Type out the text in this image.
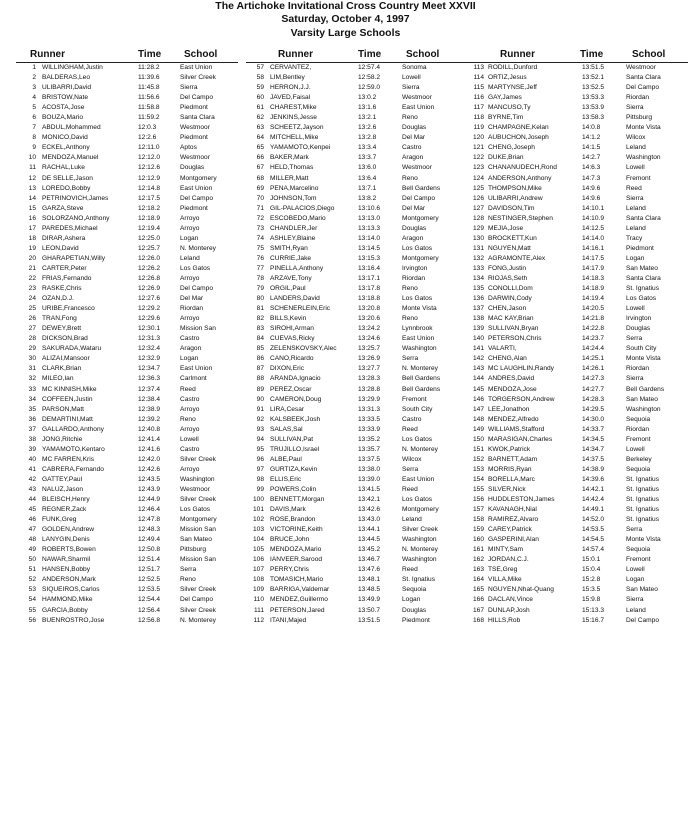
The Artichoke Invitational Cross Country Meet XXVII
Saturday, October 4, 1997
Varsity Large Schools
Runner	Time School
1 WILLINGHAM,Justin	11:28.2	East Union
2 BALDERAS,Leo	11:39.6	Silver Creek
3 ULIBARRI,David	11:45.8	Sierra
4 BRISTOW,Nate	11:56.6	Del Campo
5 ACOSTA,Jose	11:58.8	Piedmont
6 BOUZA,Mario	11:59.2	Santa Clara
7 ABDUL,Mohammed	12:0.3	Westmoor
8 MONICO,David	12:2.6	Piedmont
9 ECKEL,Anthony	12:11.0	Aptos
10 MENDOZA,Manuel	12:12.0	Westmoor
11 RACHAL,Luke	12:12.6	Douglas
12 DE SELLE,Jason	12:12.9	Montgomery
13 LOREDO,Bobby	12:14.8	East Union
14 PETRINOVICH,James	12:17.5	Del Campo
15 GARZA,Steve	12:18.2	Piedmont
16 SOLORZANO,Anthony	12:18.9	Arroyo
17 PAREDES,Michael	12:19.4	Arroyo
18 DIRAR,Ashera	12:25.0	Logan
19 LEON,David	12:25.7	N. Monterey
20 GHARAPETIAN,Willy	12:26.0	Leland
21 CARTER,Peter	12:26.2	Los Gatos
22 FRIAS,Fernando	12:26.8	Arroyo
23 RASKE,Chris	12:26.9	Del Campo
24 OZAN,D.J.	12:27.6	Del Mar
25 URIBE,Francesco	12:29.2	Riordan
26 TRAN,Fong	12:29.6	Arroyo
27 DEWEY,Brett	12:30.1	Mission San
28 DICKSON,Brad	12:31.3	Castro
29 SAKURADA,Wataru	12:32.4	Aragon
30 ALIZAI,Mansoor	12:32.9	Logan
31 CLARK,Brian	12:34.7	East Union
32 MILEO,Ian	12:36.3	Carlmont
33 MC KINNISH,Mike	12:37.4	Reed
34 COFFEEN,Justin	12:38.4	Castro
35 PARSON,Matt	12:38.9	Arroyo
36 DEMARTINI,Matt	12:39.2	Reno
37 GALLARDO,Anthony	12:40.8	Arroyo
38 JONG,Ritchie	12:41.4	Lowell
39 YAMAMOTO,Kentaro	12:41.6	Castro
40 MC FARREN,Kris	12:42.0	Silver Creek
41 CABRERA,Fernando	12:42.6	Arroyo
42 GATTEY,Paul	12:43.5	Washington
43 NALUZ,Jason	12:43.9	Westmoor
44 BLEISCH,Henry	12:44.9	Silver Creek
45 REGNER,Zack	12:46.4	Los Gatos
46 FUNK,Greg	12:47.8	Montgomery
47 GOLDEN,Andrew	12:48.3	Mission San
48 LANYGIN,Denis	12:49.4	San Mateo
49 ROBERTS,Bowen	12:50.8	Pittsburg
50 NAWAR,Sharmil	12:51.4	Mission San
51 HANSEN,Bobby	12:51.7	Serra
52 ANDERSON,Mark	12:52.5	Reno
53 SIQUEIROS,Carlos	12:53.5	Silver Creek
54 HAMMOND,Mike	12:54.4	Del Campo
55 GARCIA,Bobby	12:56.4	Silver Creek
56 BUENROSTRO,Jose	12:56.8	N. Monterey
Runner	Time School
57 CERVANTEZ,	12:57.4	Sonoma
58 LIM,Bentley	12:58.2	Lowell
59 HERRON,J.J.	12:59.0	Sierra
60 JAVED,Faisal	13:0.2	Westmoor
61 CHAREST,Mike	13:1.6	East Union
62 JENKINS,Jesse	13:2.1	Reno
63 SCHEETZ,Jayson	13:2.6	Douglas
64 MITCHELL,Mike	13:2.8	Del Mar
65 YAMAMOTO,Kenpei	13:3.4	Castro
66 BAKER,Mark	13:3.7	Aragon
67 HELD,Thomas	13:6.0	Westmoor
68 MILLER,Matt	13:6.4	Reno
69 PENA,Marcelino	13:7.1	Bell Gardens
70 JOHNSON,Tom	13:8.2	Del Campo
71 GIL-PALACIOS,Diego	13:10.6	Del Mar
72 ESCOBEDO,Mario	13:13.0	Montgomery
73 CHANDLER,Jer	13:13.3	Douglas
74 ASHLEY,Blaine	13:14.0	Aragon
75 SMITH,Ryan	13:14.5	Los Gatos
76 CURRIE,Jake	13:15.3	Montgomery
77 PINELLA,Anthony	13:16.4	Irvington
78 ARZAVE,Tony	13:17.1	Riordan
79 ORGIL,Paul	13:17.8	Reno
80 LANDERS,David	13:18.8	Los Gatos
81 SCHENERLEIN,Eric	13:20.8	Monte Vista
82 BILLS,Kevin	13:20.6	Reno
83 SIROHI,Arman	13:24.2	Lynnbrook
84 CUEVAS,Ricky	13:24.6	East Union
85 ZELENSKOVSKY,Alec	13:25.7	Washington
86 CANO,Ricardo	13:26.9	Serra
87 DIXON,Eric	13:27.7	N. Monterey
88 ARANDA,Ignacio	13:28.3	Bell Gardens
89 PEREZ,Oscar	13:28.8	Bell Gardens
90 CAMERON,Doug	13:29.9	Fremont
91 LIRA,Cesar	13:31.3	South City
92 KALSBEEK,Josh	13:33.5	Castro
93 SALAS,Sal	13:33.9	Reed
94 SULLIVAN,Pat	13:35.2	Los Gatos
95 TRUJILLO,Israel	13:35.7	N. Monterey
96 ALBE,Paul	13:37.5	Wilcox
97 GURTIZA,Kevin	13:38.0	Serra
98 ELLIS,Eric	13:39.0	East Union
99 POWERS,Colin	13:41.5	Reed
100 BENNETT,Morgan	13:42.1	Los Gatos
101 DAVIS,Mark	13:42.6	Montgomery
102 ROSE,Brandon	13:43.0	Leland
103 VICTORINE,Keith	13:44.1	Silver Creek
104 BRUCE,John	13:44.5	Washington
105 MENDOZA,Mario	13:45.2	N. Monterey
106 IANVEER,Sarood	13:46.7	Washington
107 PERRY,Chris	13:47.6	Reed
108 TOMASICH,Mario	13:48.1	St. Ignatius
109 BARRIGA,Valdemar	13:48.5	Sequoia
110 MENDEZ,Guillermo	13:49.9	Logan
111 PETERSON,Jared	13:50.7	Douglas
112 ITANI,Majed	13:51.5	Piedmont
Runner	Time	School
113 RODILL,Dunford	13:51.5	Westmoor
114 ORTIZ,Jesus	13:52.1	Santa Clara
115 MARTYNSE,Jeff	13:52.5	Del Campo
116 GAY,James	13:53.3	Riordan
117 MANCUSO,Ty	13:53.9	Sierra
118 BYRNE,Tim	13:58.3	Pittsburg
119 CHAMPAGNE,Kelan	14:0.8	Monte Vista
120 AUBUCHON,Joseph	14:1.2	Wilcox
121 CHENG,Joseph	14:1.5	Leland
122 DUKE,Brian	14:2.7	Washington
123 CHANANUDECH,Rond	14:6.3	Lowell
124 ANDERSON,Anthony	14:7.3	Fremont
125 THOMPSON,Mike	14:9.6	Reed
126 ULIBARRI,Andrew	14:9.6	Sierra
127 DAVIDSON,Tim	14:10.1	Leland
128 NESTINGER,Stephen	14:10.9	Santa Clara
129 MEJIA,Jose	14:12.5	Leland
130 BROCKETT,Kun	14:14.0	Tracy
131 NGUYEN,Matt	14:16.1	Piedmont
132 AGRAMONTE,Alex	14:17.5	Logan
133 FONG,Justin	14:17.9	San Mateo
134 RIOJAS,Seth	14:18.3	Santa Clara
135 CONOLLI,Dom	14:18.9	St. Ignatius
136 DARWIN,Cody	14:19.4	Los Gatos
137 CHEN,Jason	14:20.5	Lowell
138 MAC KAY,Brian	14:21.8	Irvington
139 SULLIVAN,Bryan	14:22.8	Douglas
140 PETERSON,Chris	14:23.7	Serra
141 VALARTI,	14:24.4	South City
142 CHENG,Alan	14:25.1	Monte Vista
143 MC LAUGHLIN,Randy	14:26.1	Riordan
144 ANDRES,David	14:27.3	Sierra
145 MENDOZA,Jose	14:27.7	Bell Gardens
146 TORGERSON,Andrew	14:28.3	San Mateo
147 LEE,Jonathon	14:29.5	Washington
148 MENDEZ,Alfredo	14:30.0	Sequoia
149 WILLIAMS,Stafford	14:33.7	Riordan
150 MARASIGAN,Charles	14:34.5	Fremont
151 KWOK,Patrick	14:34.7	Lowell
152 BARNETT,Adam	14:37.5	Berkeley
153 MORRIS,Ryan	14:38.9	Sequoia
154 BORELLA,Marc	14:39.6	St. Ignatius
155 SILVER,Nick	14:42.1	St. Ignatius
156 HUDDLESTON,James	14:42.4	St. Ignatius
157 KAVANAGH,Nial	14:49.1	St. Ignatius
158 RAMIREZ,Alvaro	14:52.0	St. Ignatius
159 CAREY,Patrick	14:53.5	Serra
160 GASPERINI,Alan	14:54.5	Monte Vista
161 MINTY,Sam	14:57.4	Sequoia
162 JORDAN,C.J.	15:0.1	Fremont
163 TSE,Greg	15:0.4	Lowell
164 VILLA,Mike	15:2.8	Logan
165 NGUYEN,Nhat-Quang	15:3.5	San Mateo
166 DACLAN,Vince	15:9.8	Sierra
167 DUNLAP,Josh	15:13.3	Leland
168 HILLS,Rob	15:16.7	Del Campo
